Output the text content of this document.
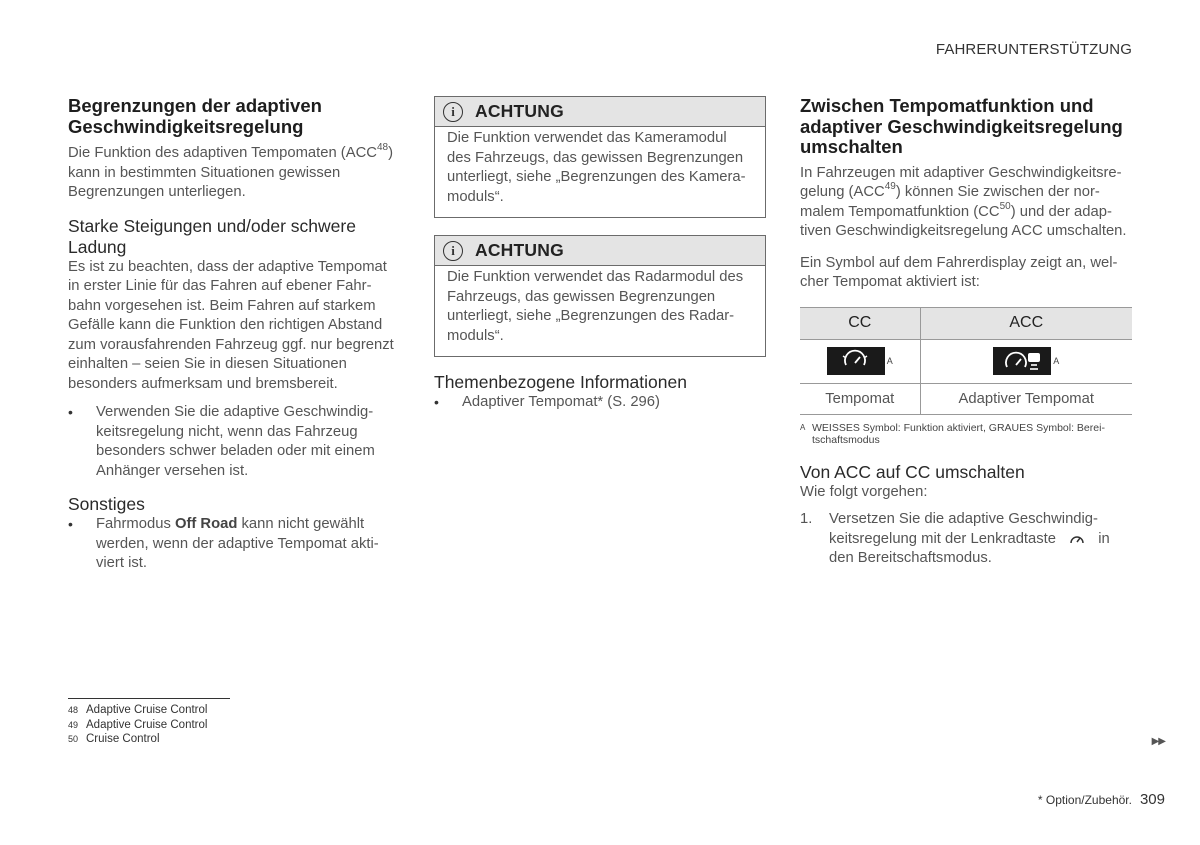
FAHRERUNTERSTÜTZUNG
Begrenzungen der adaptiven Geschwindigkeitsregelung

Die Funktion des adaptiven Tempomaten (ACC$^{48}$) kann in bestimmten Situationen gewissen Begrenzungen unterliegen.

Starke Steigungen und/oder schwere Ladung

Es ist zu beachten, dass der adaptive Tempomat in erster Linie für das Fahren auf ebener Fahrbahn vorgesehen ist. Beim Fahren auf starkem Gefälle kann die Funktion den richtigen Abstand zum vorausfahrenden Fahrzeug ggf. nur begrenzt einhalten – seien Sie in diesen Situationen besonders aufmerksam und bremsbereit.

• Verwenden Sie die adaptive Geschwindigkeitsregelung nicht, wenn das Fahrzeug besonders schwer beladen oder mit einem Anhänger versehen ist.
Sonstiges
• Fahrmodus Off Road kann nicht gewählt werden, wenn der adaptive Tempomat aktiviert ist.
i	ACHTUNG

Die Funktion verwendet das Kameramodul des Fahrzeugs, das gewissen Begrenzungen unterliegt, siehe „Begrenzungen des Kameramoduls“.

i	ACHTUNG

Die Funktion verwendet das Radarmodul des Fahrzeugs, das gewissen Begrenzungen unterliegt, siehe „Begrenzungen des Radarmoduls“.

Themenbezogene Informationen
• Adaptiver Tempomat* (S. 296)
Zwischen Tempomatfunktion und adaptiver Geschwindigkeitsregelung umschalten

In Fahrzeugen mit adaptiver Geschwindigkeitsregelung (ACC$^{49}$) können Sie zwischen der normalem Tempomatfunktion (CC$^{50}$) und der adaptiven Geschwindigkeitsregelung ACC umschalten.

Ein Symbol auf dem Fahrerdisplay zeigt an, welcher Tempomat aktiviert ist:

CC	ACC
A	A
Tempomat	Adaptiver Tempomat
A WEISSES Symbol: Funktion aktiviert, GRAUES Symbol: Bereitschaftsmodus
Von ACC auf CC umschalten

Wie folgt vorgehen:

1. Versetzen Sie die adaptive Geschwindigkeitsregelung mit der Lenkradtaste	in den Bereitschaftsmodus.
48 Adaptive Cruise Control
49 Adaptive Cruise Control
50 Cruise Control	▶▶
* Option/Zubehör. 309
